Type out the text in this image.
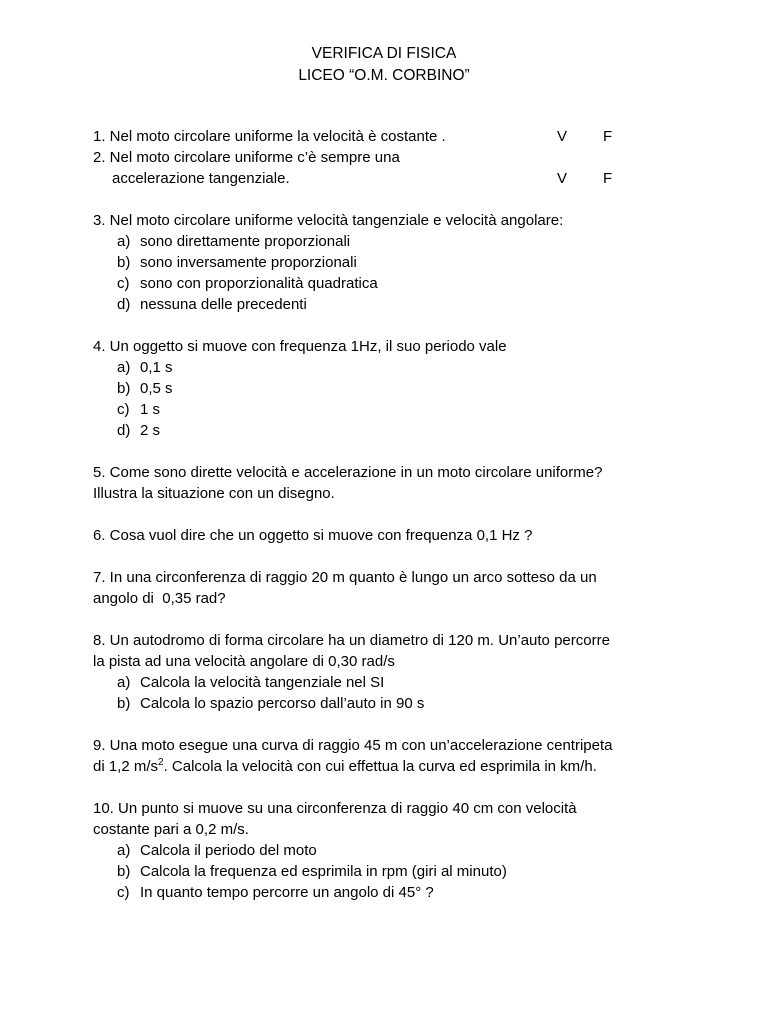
VERIFICA DI FISICA
LICEO “O.M. CORBINO”
1. Nel moto circolare uniforme la velocità è costante .	V F
2. Nel moto circolare uniforme c’è sempre una
accelerazione tangenziale.	V F
3. Nel moto circolare uniforme velocità tangenziale e velocità angolare:
a) sono direttamente proporzionali
b) sono inversamente proporzionali
c) sono con proporzionalità quadratica
d) nessuna delle precedenti
4. Un oggetto si muove con frequenza 1Hz, il suo periodo vale
a) 0,1 s
b) 0,5 s
c) 1 s
d) 2 s
5. Come sono dirette velocità e accelerazione in un moto circolare uniforme?
Illustra la situazione con un disegno.
6. Cosa vuol dire che un oggetto si muove con frequenza 0,1 Hz ?
7. In una circonferenza di raggio 20 m quanto è lungo un arco sotteso da un
angolo di  0,35 rad?
8. Un autodromo di forma circolare ha un diametro di 120 m. Un’auto percorre
la pista ad una velocità angolare di 0,30 rad/s
a) Calcola la velocità tangenziale nel SI
b) Calcola lo spazio percorso dall’auto in 90 s
9. Una moto esegue una curva di raggio 45 m con un’accelerazione centripeta
di 1,2 $m/s^2$. Calcola la velocità con cui effettua la curva ed esprimila in km/h.
10. Un punto si muove su una circonferenza di raggio 40 cm con velocità
costante pari a 0,2 m/s.
a) Calcola il periodo del moto
b) Calcola la frequenza ed esprimila in rpm (giri al minuto)
c) In quanto tempo percorre un angolo di 45° ?
